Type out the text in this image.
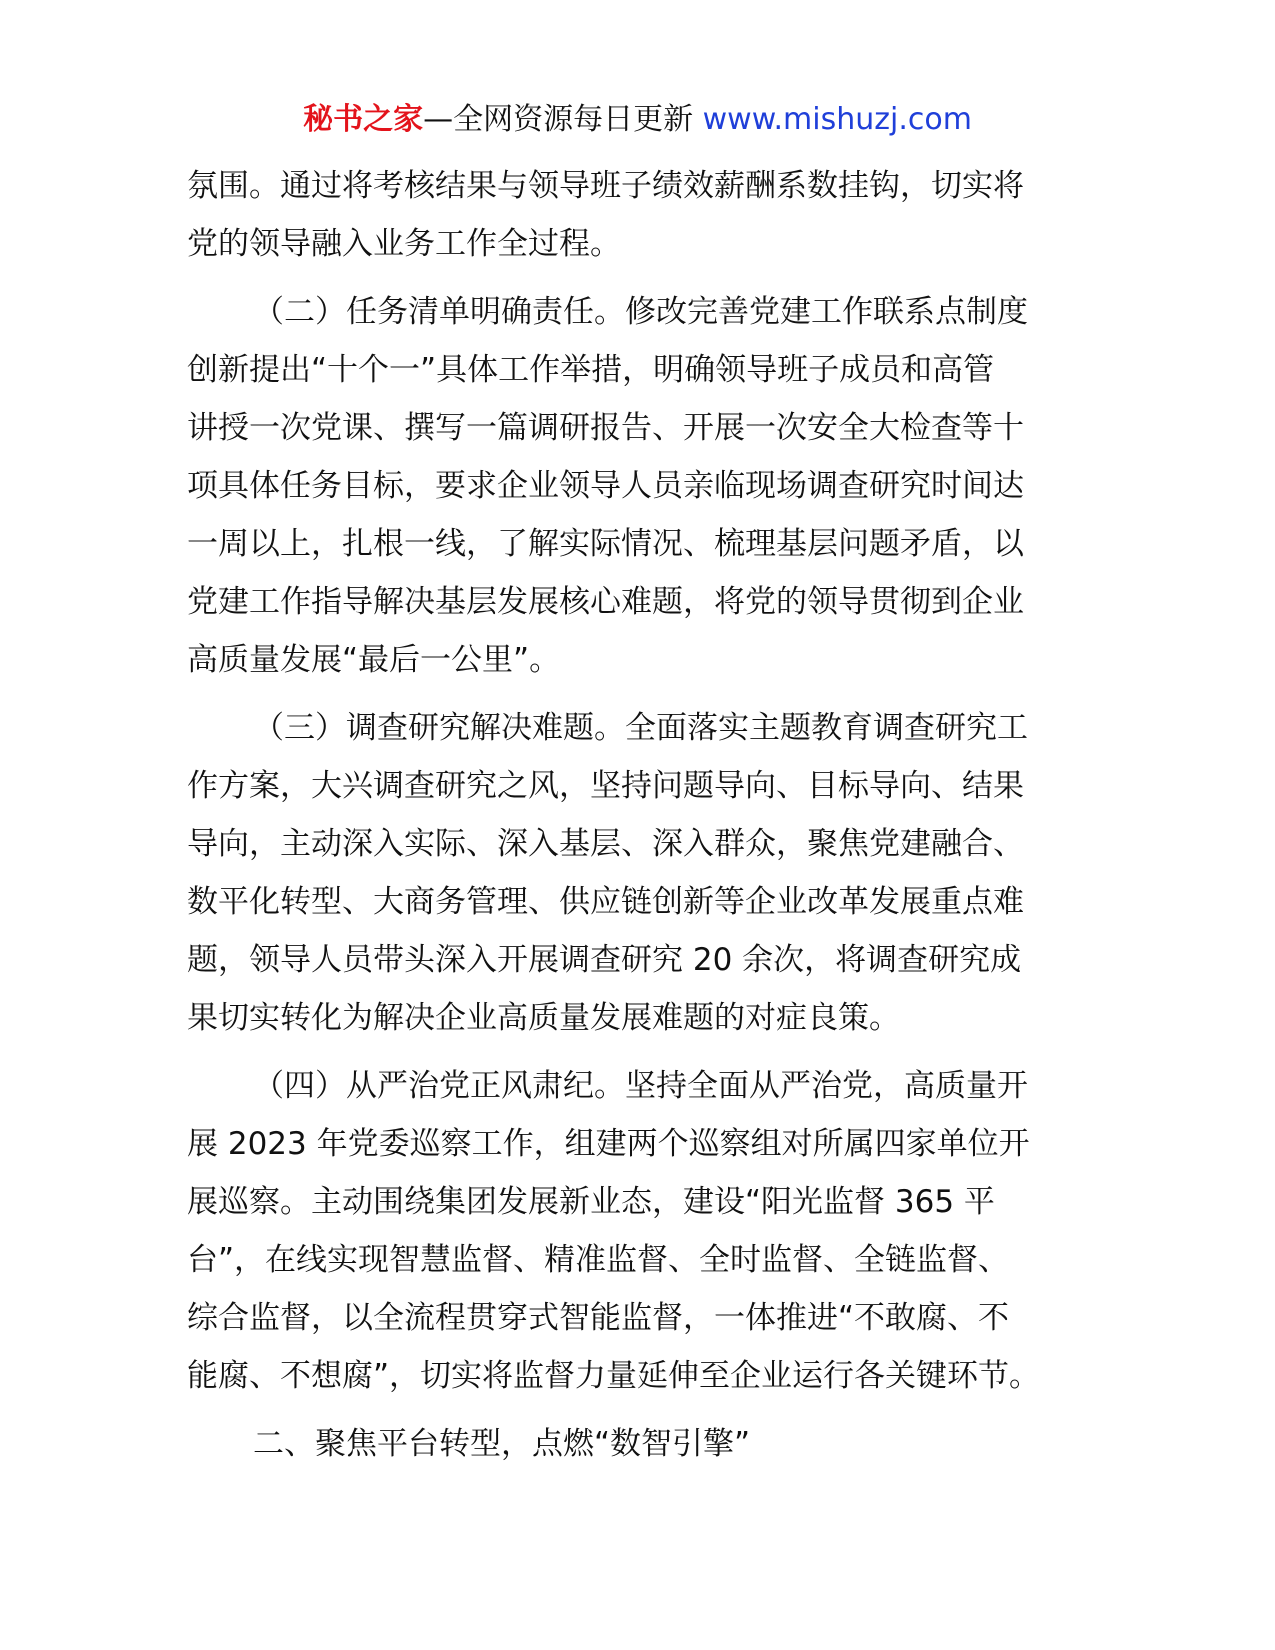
秘书之家—全网资源每日更新 www.mishuzj.com
氛围。通过将考核结果与领导班子绩效薪酬系数挂钩，切实将
党的领导融入业务工作全过程。
（二）任务清单明确责任。修改完善党建工作联系点制度
创新提出“十个一”具体工作举措，明确领导班子成员和高管
讲授一次党课、撰写一篇调研报告、开展一次安全大检查等十
项具体任务目标，要求企业领导人员亲临现场调查研究时间达
一周以上，扎根一线，了解实际情况、梳理基层问题矛盾，以
党建工作指导解决基层发展核心难题，将党的领导贯彻到企业
高质量发展“最后一公里”。
（三）调查研究解决难题。全面落实主题教育调查研究工
作方案，大兴调查研究之风，坚持问题导向、目标导向、结果
导向，主动深入实际、深入基层、深入群众，聚焦党建融合、
数平化转型、大商务管理、供应链创新等企业改革发展重点难
题，领导人员带头深入开展调查研究 20 余次，将调查研究成
果切实转化为解决企业高质量发展难题的对症良策。
（四）从严治党正风肃纪。坚持全面从严治党，高质量开
展 2023 年党委巡察工作，组建两个巡察组对所属四家单位开
展巡察。主动围绕集团发展新业态，建设“阳光监督 365 平
台”，在线实现智慧监督、精准监督、全时监督、全链监督、
综合监督，以全流程贯穿式智能监督，一体推进“不敢腐、不
能腐、不想腐”，切实将监督力量延伸至企业运行各关键环节。
二、聚焦平台转型，点燃“数智引擎”
